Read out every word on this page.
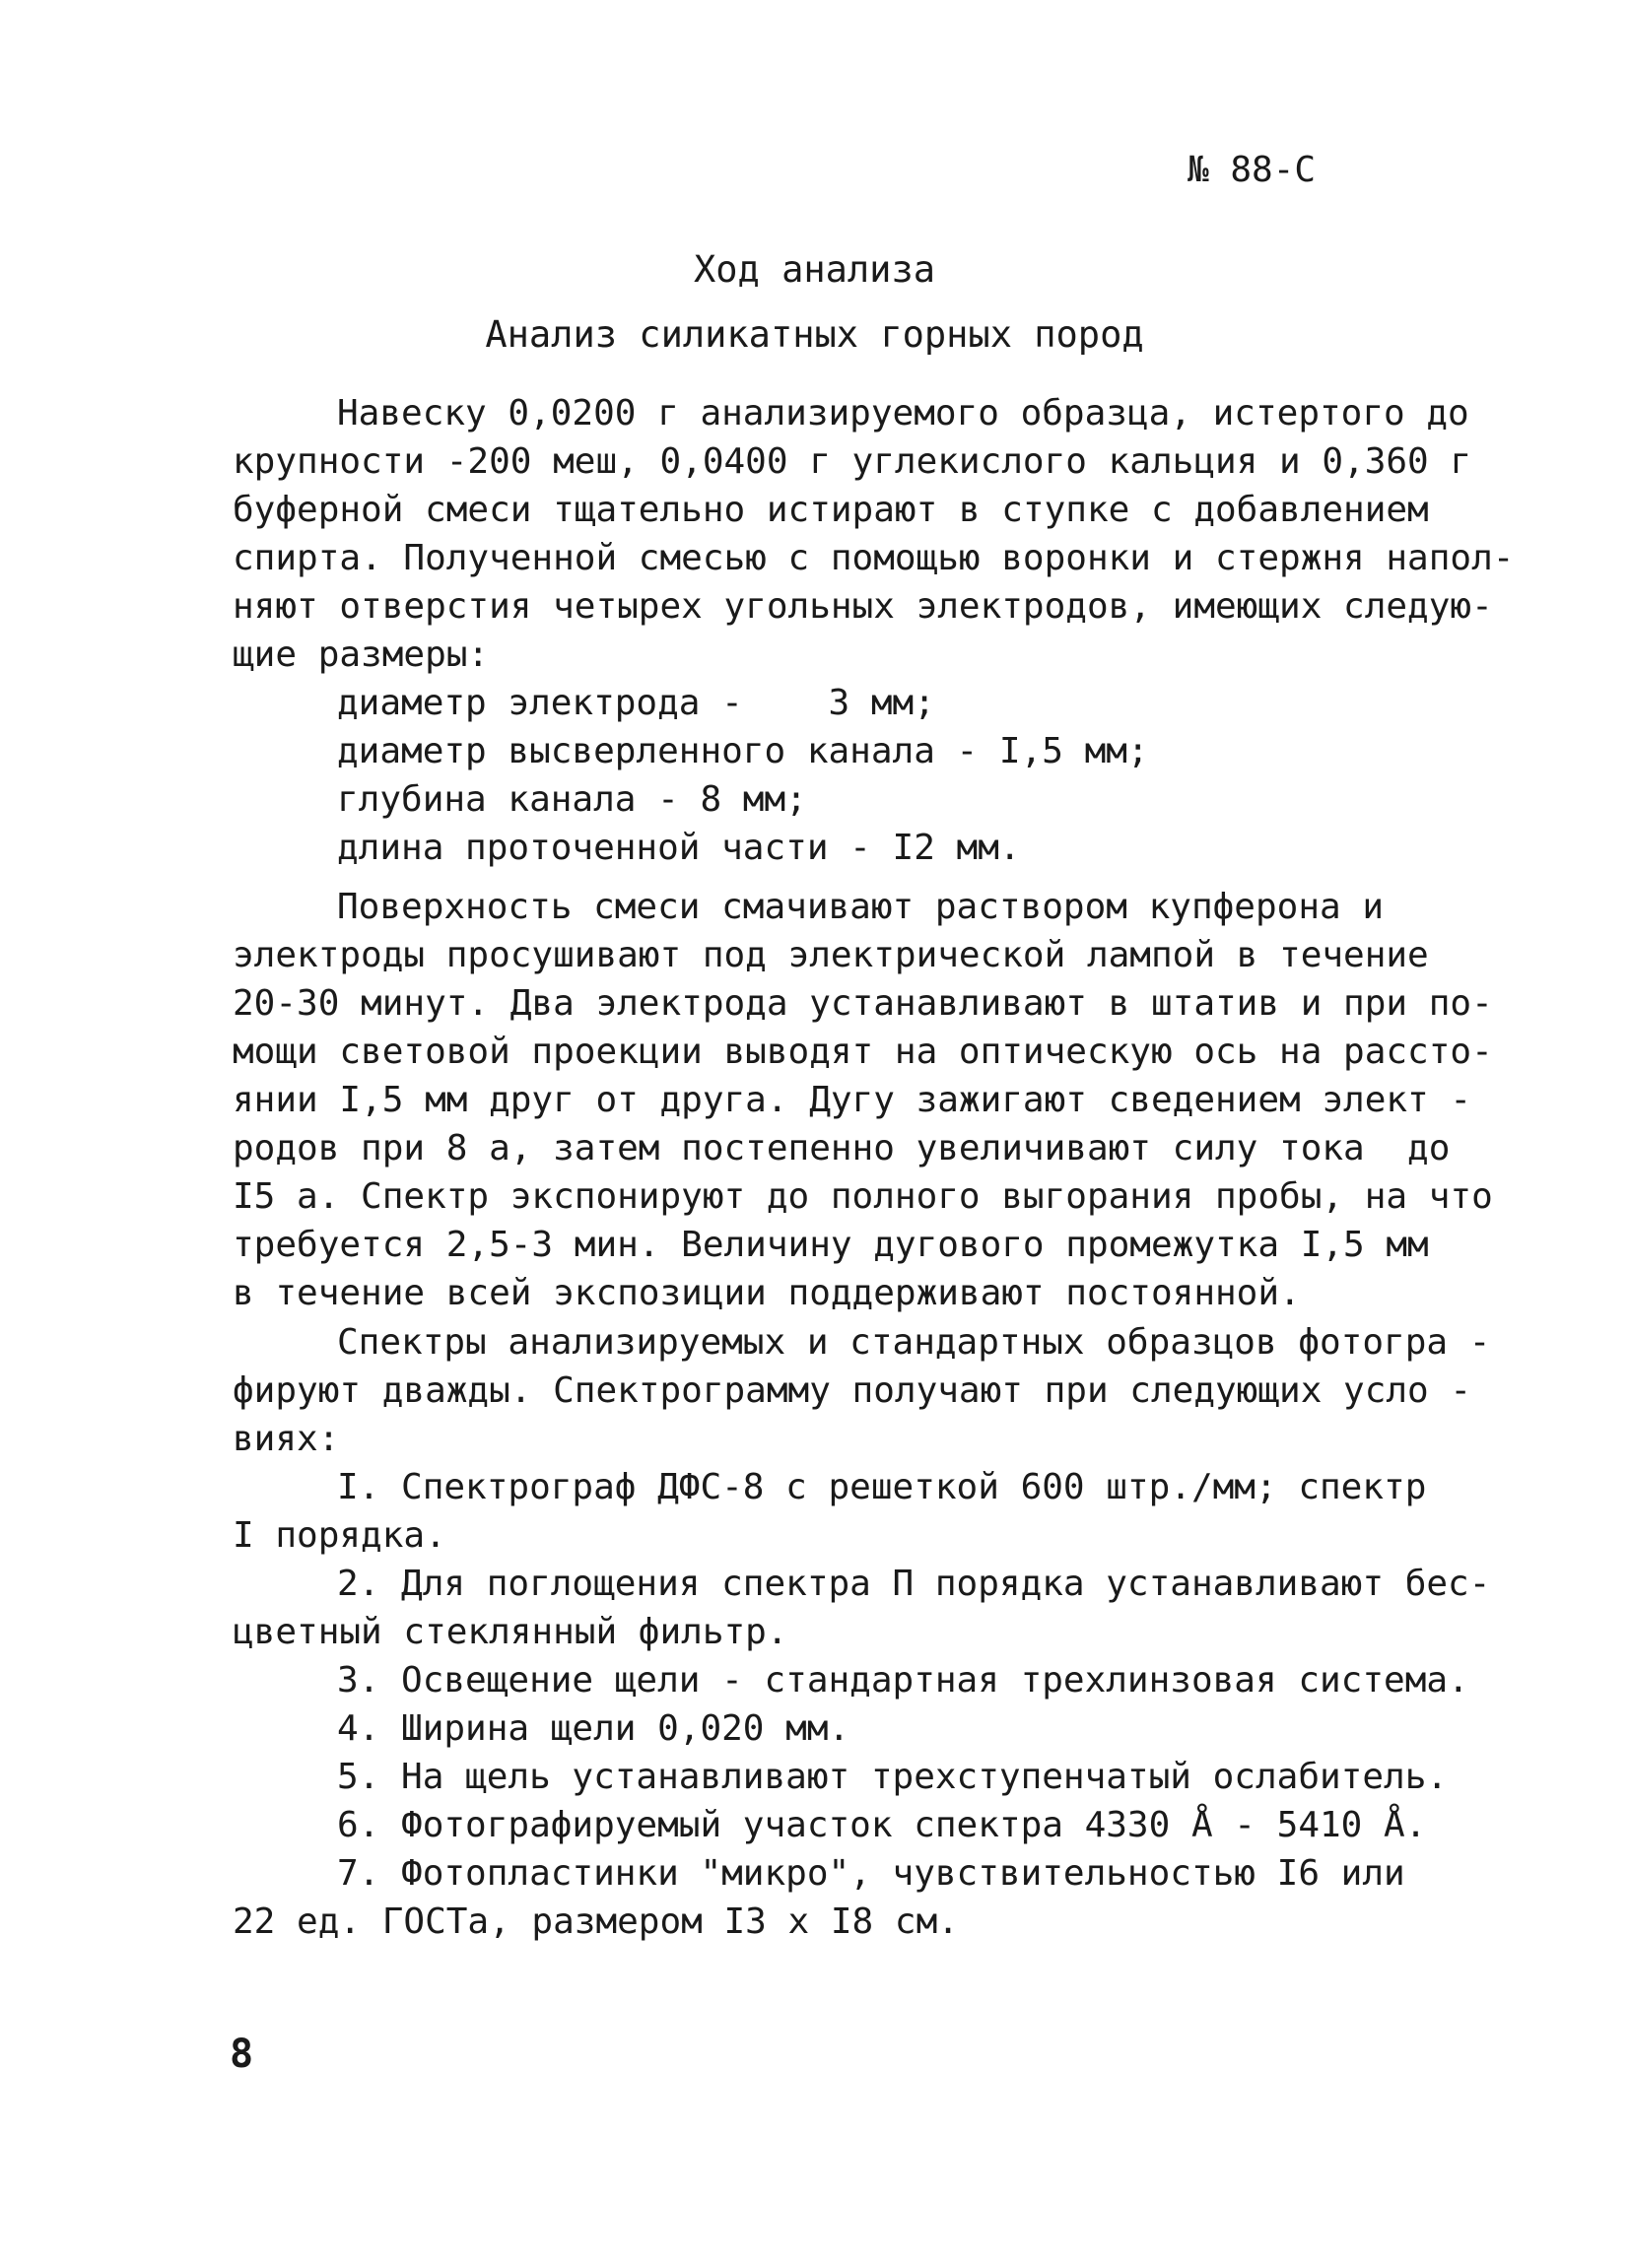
№ 88-С
Ход анализа
Анализ силикатных горных пород
Навеску 0,0200 г анализируемого образца, истертого до
крупности -200 меш, 0,0400 г углекислого кальция и 0,360 г
буферной смеси тщательно истирают в ступке с добавлением
спирта. Полученной смесью с помощью воронки и стержня напол-
няют отверстия четырех угольных электродов, имеющих следую-
щие размеры:
диаметр электрода -    3 мм;
диаметр высверленного канала - I,5 мм;
глубина канала - 8 мм;
длина проточенной части - I2 мм.
Поверхность смеси смачивают раствором купферона и
электроды просушивают под электрической лампой в течение
20-30 минут. Два электрода устанавливают в штатив и при по-
мощи световой проекции выводят на оптическую ось на рассто-
янии I,5 мм друг от друга. Дугу зажигают сведением элект -
родов при 8 а, затем постепенно увеличивают силу тока  до
I5 а. Спектр экспонируют до полного выгорания пробы, на что
требуется 2,5-3 мин. Величину дугового промежутка I,5 мм
в течение всей экспозиции поддерживают постоянной.
Спектры анализируемых и стандартных образцов фотогра -
фируют дважды. Спектрограмму получают при следующих усло -
виях:
I. Спектрограф ДФС-8 с решеткой 600 штр./мм; спектр
I порядка.
2. Для поглощения спектра П порядка устанавливают бес-
цветный стеклянный фильтр.
3. Освещение щели - стандартная трехлинзовая система.
4. Ширина щели 0,020 мм.
5. На щель устанавливают трехступенчатый ослабитель.
6. Фотографируемый участок спектра 4330 Å - 5410 Å.
7. Фотопластинки "микро", чувствительностью I6 или
22 ед. ГОСТа, размером I3 х I8 см.
8
